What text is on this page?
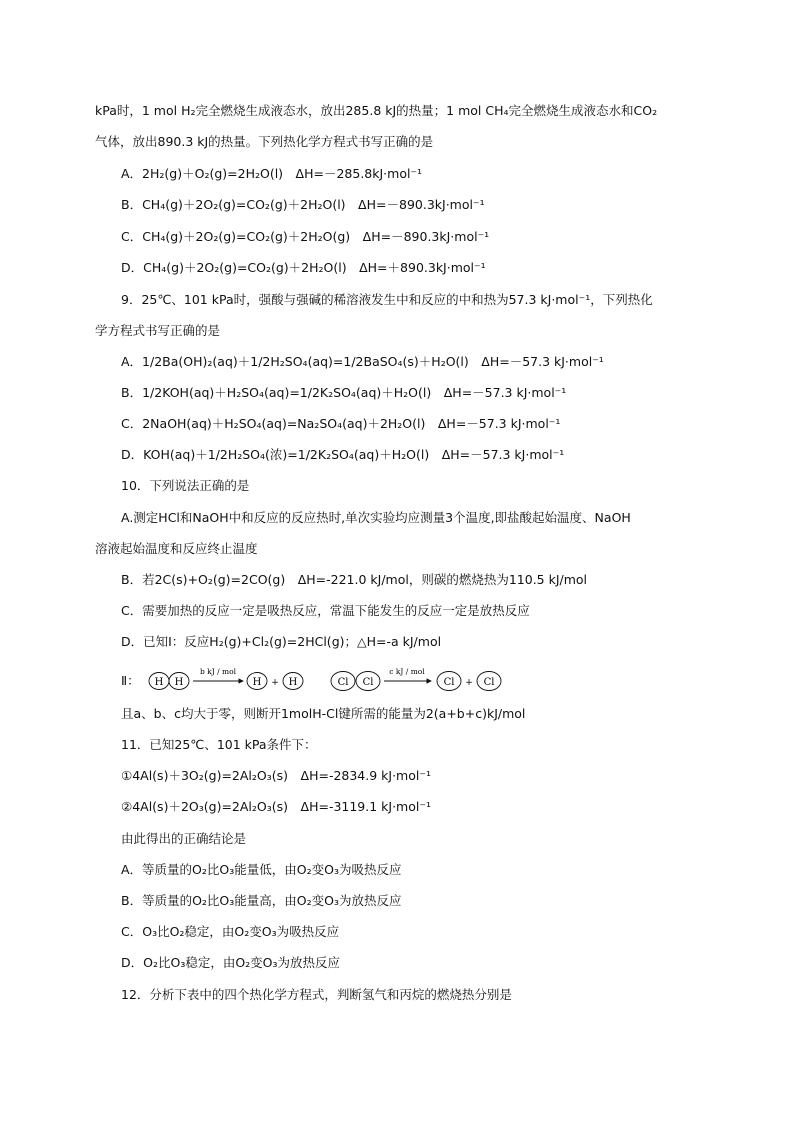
kPa时，1 mol H₂完全燃烧生成液态水，放出285.8 kJ的热量；1 mol CH₄完全燃烧生成液态水和CO₂
气体，放出890.3 kJ的热量。下列热化学方程式书写正确的是
A．2H₂(g)＋O₂(g)=2H₂O(l)　ΔH=－285.8kJ·mol⁻¹
B．CH₄(g)＋2O₂(g)=CO₂(g)＋2H₂O(l)　ΔH=－890.3kJ·mol⁻¹
C．CH₄(g)＋2O₂(g)=CO₂(g)＋2H₂O(g)　ΔH=－890.3kJ·mol⁻¹
D．CH₄(g)＋2O₂(g)=CO₂(g)＋2H₂O(l)　ΔH=＋890.3kJ·mol⁻¹
9．25℃、101 kPa时，强酸与强碱的稀溶液发生中和反应的中和热为57.3 kJ·mol⁻¹，下列热化
学方程式书写正确的是
A．1/2Ba(OH)₂(aq)＋1/2H₂SO₄(aq)=1/2BaSO₄(s)＋H₂O(l)　ΔH=－57.3 kJ·mol⁻¹
B．1/2KOH(aq)＋H₂SO₄(aq)=1/2K₂SO₄(aq)＋H₂O(l)　ΔH=－57.3 kJ·mol⁻¹
C．2NaOH(aq)＋H₂SO₄(aq)=Na₂SO₄(aq)＋2H₂O(l)　ΔH=－57.3 kJ·mol⁻¹
D．KOH(aq)＋1/2H₂SO₄(浓)=1/2K₂SO₄(aq)＋H₂O(l)　ΔH=－57.3 kJ·mol⁻¹
10．下列说法正确的是
A.测定HCl和NaOH中和反应的反应热时,单次实验均应测量3个温度,即盐酸起始温度、NaOH
溶液起始温度和反应终止温度
B．若2C(s)+O₂(g)=2CO(g)　ΔH=-221.0 kJ/mol，则碳的燃烧热为110.5 kJ/mol
C．需要加热的反应一定是吸热反应，常温下能发生的反应一定是放热反应
D．已知Ⅰ：反应H₂(g)+Cl₂(g)=2HCl(g)；△H=-a kJ/mol
Ⅱ： H H
b kJ / mol
H + H	Cl Cl
c kJ / mol
Cl + Cl
且a、b、c均大于零，则断开1molH-Cl键所需的能量为2(a+b+c)kJ/mol
11．已知25℃、101 kPa条件下：
①4Al(s)＋3O₂(g)=2Al₂O₃(s)　ΔH=-2834.9 kJ·mol⁻¹
②4Al(s)＋2O₃(g)=2Al₂O₃(s)　ΔH=-3119.1 kJ·mol⁻¹
由此得出的正确结论是
A．等质量的O₂比O₃能量低，由O₂变O₃为吸热反应
B．等质量的O₂比O₃能量高，由O₂变O₃为放热反应
C．O₃比O₂稳定，由O₂变O₃为吸热反应
D．O₂比O₃稳定，由O₂变O₃为放热反应
12．分析下表中的四个热化学方程式，判断氢气和丙烷的燃烧热分别是
